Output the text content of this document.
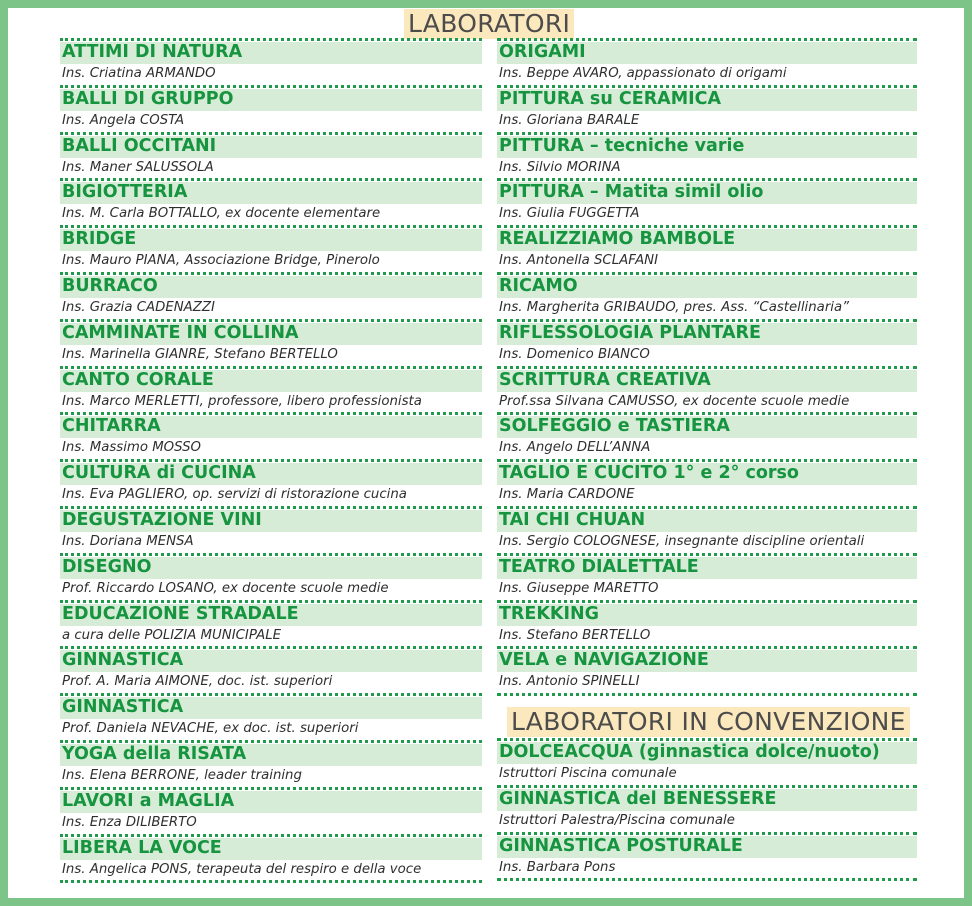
LABORATORI
ATTIMI DI NATURA
Ins. Criatina ARMANDO
BALLI DI GRUPPO
Ins. Angela COSTA
BALLI OCCITANI
Ins. Maner SALUSSOLA
BIGIOTTERIA
Ins. M. Carla BOTTALLO, ex docente elementare
BRIDGE
Ins. Mauro PIANA, Associazione Bridge, Pinerolo
BURRACO
Ins. Grazia CADENAZZI
CAMMINATE IN COLLINA
Ins. Marinella GIANRE, Stefano BERTELLO
CANTO CORALE
Ins. Marco MERLETTI, professore, libero professionista
CHITARRA
Ins. Massimo MOSSO
CULTURA di CUCINA
Ins. Eva PAGLIERO, op. servizi di ristorazione cucina
DEGUSTAZIONE VINI
Ins. Doriana MENSA
DISEGNO
Prof. Riccardo LOSANO, ex docente scuole medie
EDUCAZIONE STRADALE
a cura delle POLIZIA MUNICIPALE
GINNASTICA
Prof. A. Maria AIMONE, doc. ist. superiori
GINNASTICA
Prof. Daniela NEVACHE, ex doc. ist. superiori
YOGA della RISATA
Ins. Elena BERRONE, leader training
LAVORI a MAGLIA
Ins. Enza DILIBERTO
LIBERA LA VOCE
Ins. Angelica PONS, terapeuta del respiro e della voce
ORIGAMI
Ins. Beppe AVARO, appassionato di origami
PITTURA su CERAMICA
Ins. Gloriana BARALE
PITTURA – tecniche varie
Ins. Silvio MORINA
PITTURA – Matita simil olio
Ins. Giulia FUGGETTA
REALIZZIAMO BAMBOLE
Ins. Antonella SCLAFANI
RICAMO
Ins. Margherita GRIBAUDO, pres. Ass. “Castellinaria”
RIFLESSOLOGIA PLANTARE
Ins. Domenico BIANCO
SCRITTURA CREATIVA
Prof.ssa Silvana CAMUSSO, ex docente scuole medie
SOLFEGGIO e TASTIERA
Ins. Angelo DELL’ANNA
TAGLIO E CUCITO 1° e 2° corso
Ins. Maria CARDONE
TAI CHI CHUAN
Ins. Sergio COLOGNESE, insegnante discipline orientali
TEATRO DIALETTALE
Ins. Giuseppe MARETTO
TREKKING
Ins. Stefano BERTELLO
VELA e NAVIGAZIONE
Ins. Antonio SPINELLI
LABORATORI IN CONVENZIONE
DOLCEACQUA (ginnastica dolce/nuoto)
Istruttori Piscina comunale
GINNASTICA del BENESSERE
Istruttori Palestra/Piscina comunale
GINNASTICA POSTURALE
Ins. Barbara Pons
